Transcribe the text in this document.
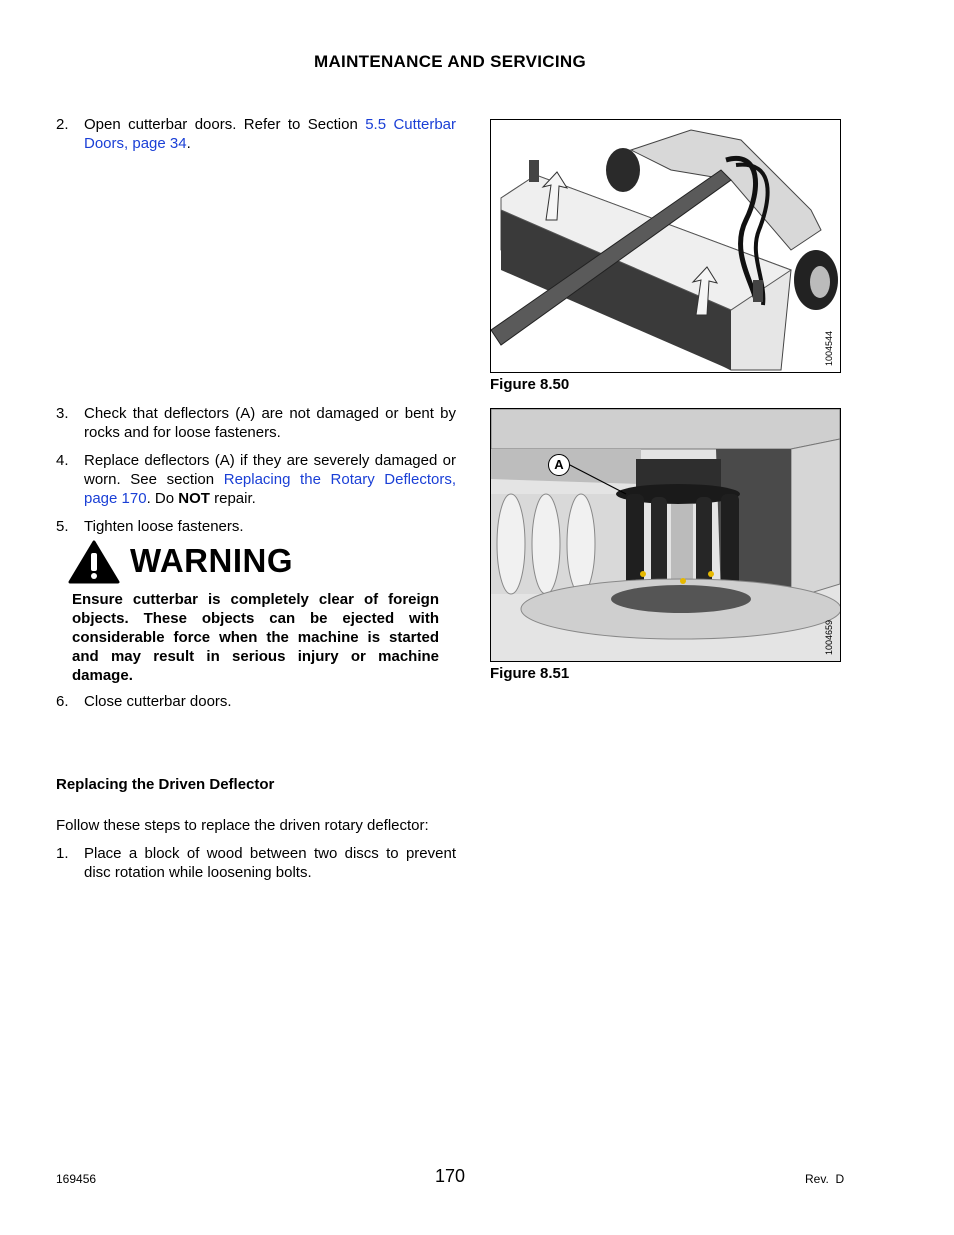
MAINTENANCE AND SERVICING
2. Open cutterbar doors. Refer to Section 5.5 Cutterbar Doors, page 34.
1004544
Figure 8.50
3. Check that deflectors (A) are not damaged or bent by rocks and for loose fasteners.
4. Replace deflectors (A) if they are severely damaged or worn. See section Replacing the Rotary Deflectors, page 170. Do NOT repair.
5. Tighten loose fasteners.
WARNING
Ensure cutterbar is completely clear of foreign objects. These objects can be ejected with considerable force when the machine is started and may result in serious injury or machine damage.
A
1004659
Figure 8.51
6. Close cutterbar doors.
Replacing the Driven Deflector
Follow these steps to replace the driven rotary deflector:
1. Place a block of wood between two discs to prevent disc rotation while loosening bolts.
169456	170	Rev.  D
